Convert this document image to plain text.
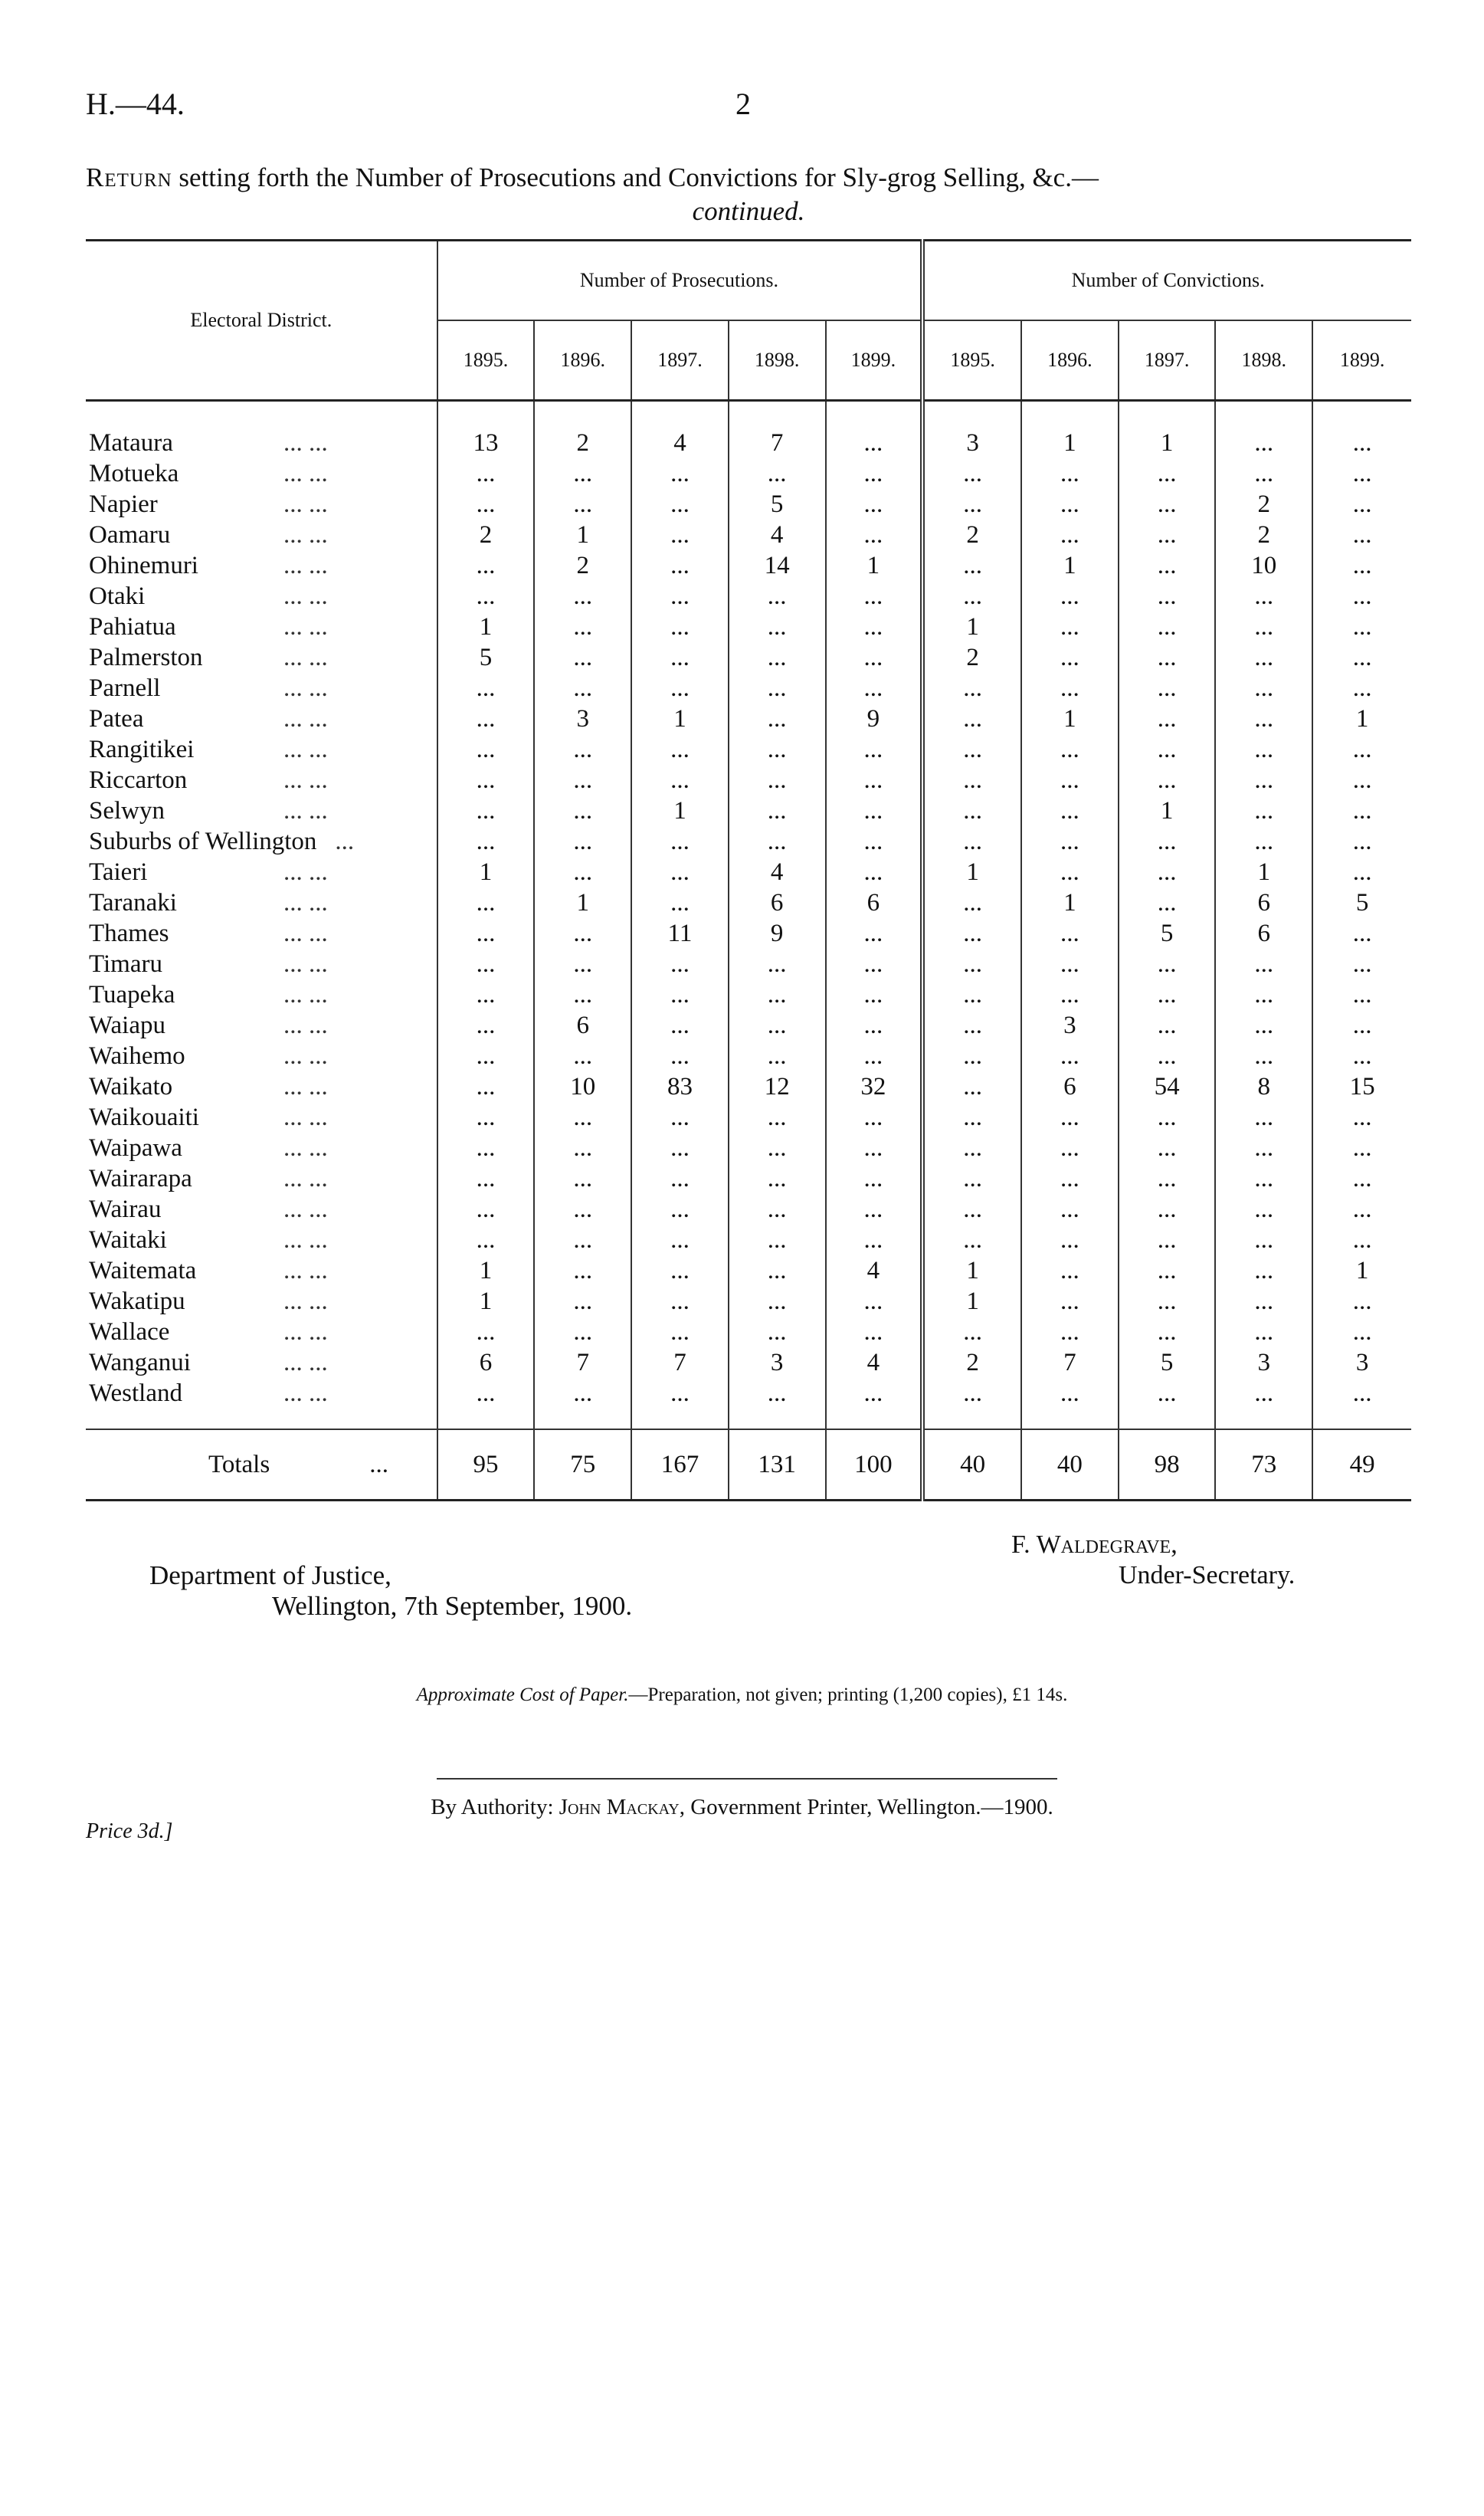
H.—44.	2
Return setting forth the Number of Prosecutions and Convictions for Sly-grog Selling, &c.—
continued.
Electoral District.	Number of Prosecutions.					Number of Convictions.				
	1895.	1896.	1897.	1898.	1899.	1895.	1896.	1897.	1898.	1899.
Mataura ... ...	13	2	4	7	...	3	1	1	...	...
Motueka ... ...	...	...	...	...	...	...	...	...	...	...
Napier ... ...	...	...	...	5	...	...	...	...	2	...
Oamaru ... ...	2	1	...	4	...	2	...	...	2	...
Ohinemuri ... ...	...	2	...	14	1	...	1	...	10	...
Otaki ... ...	...	...	...	...	...	...	...	...	...	...
Pahiatua ... ...	1	...	...	...	...	1	...	...	...	...
Palmerston ... ...	5	...	...	...	...	2	...	...	...	...
Parnell ... ...	...	...	...	...	...	...	...	...	...	...
Patea ... ...	...	3	1	...	9	...	1	...	...	1
Rangitikei ... ...	...	...	...	...	...	...	...	...	...	...
Riccarton ... ...	...	...	...	...	...	...	...	...	...	...
Selwyn ... ...	...	...	1	...	...	...	...	1	...	...
Suburbs of Wellington ...	...	...	...	...	...	...	...	...	...	...
Taieri ... ...	1	...	...	4	...	1	...	...	1	...
Taranaki ... ...	...	1	...	6	6	...	1	...	6	5
Thames ... ...	...	...	11	9	...	...	...	5	6	...
Timaru ... ...	...	...	...	...	...	...	...	...	...	...
Tuapeka ... ...	...	...	...	...	...	...	...	...	...	...
Waiapu ... ...	...	6	...	...	...	...	3	...	...	...
Waihemo ... ...	...	...	...	...	...	...	...	...	...	...
Waikato ... ...	...	10	83	12	32	...	6	54	8	15
Waikouaiti ... ...	...	...	...	...	...	...	...	...	...	...
Waipawa ... ...	...	...	...	...	...	...	...	...	...	...
Wairarapa ... ...	...	...	...	...	...	...	...	...	...	...
Wairau ... ...	...	...	...	...	...	...	...	...	...	...
Waitaki ... ...	...	...	...	...	...	...	...	...	...	...
Waitemata ... ...	1	...	...	...	4	1	...	...	...	1
Wakatipu ... ...	1	...	...	...	...	1	...	...	...	...
Wallace ... ...	...	...	...	...	...	...	...	...	...	...
Wanganui ... ...	6	7	7	3	4	2	7	5	3	3
Westland ... ...	...	...	...	...	...	...	...	...	...	...
Totals ...	95	75	167	131	100	40	40	98	73	49
F. Waldegrave,
Under-Secretary.
Department of Justice,
Wellington, 7th September, 1900.
Approximate Cost of Paper.—Preparation, not given; printing (1,200 copies), £1 14s.
By Authority: John Mackay, Government Printer, Wellington.—1900.
Price 3d.]
